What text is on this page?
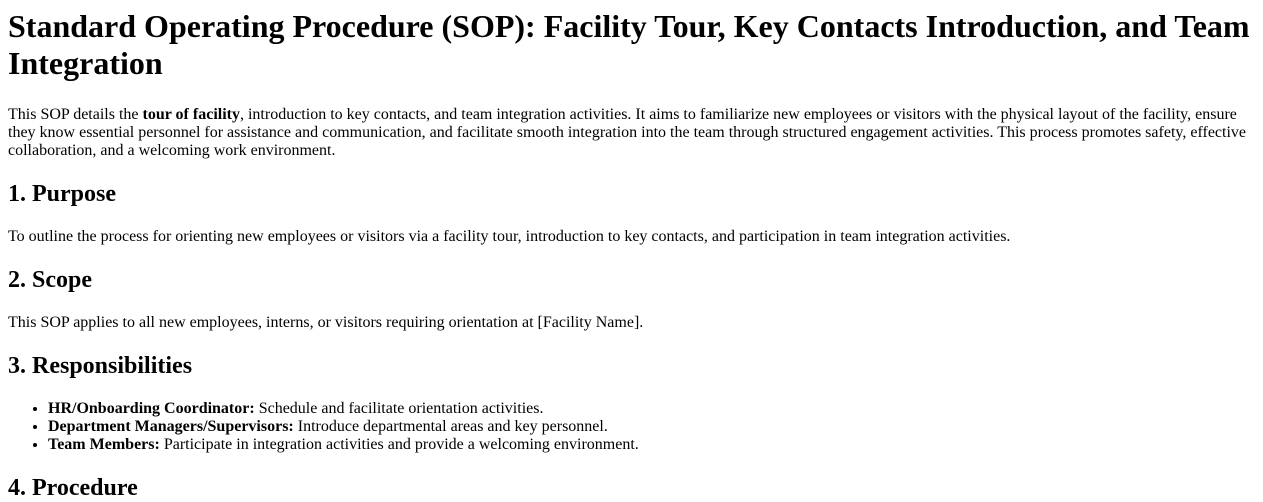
Standard Operating Procedure (SOP): Facility Tour, Key Contacts Introduction, and Team Integration

This SOP details the tour of facility, introduction to key contacts, and team integration activities. It aims to familiarize new employees or visitors with the physical layout of the facility, ensure they know essential personnel for assistance and communication, and facilitate smooth integration into the team through structured engagement activities. This process promotes safety, effective collaboration, and a welcoming work environment.

1. Purpose

To outline the process for orienting new employees or visitors via a facility tour, introduction to key contacts, and participation in team integration activities.

2. Scope

This SOP applies to all new employees, interns, or visitors requiring orientation at [Facility Name].

3. Responsibilities
• HR/Onboarding Coordinator: Schedule and facilitate orientation activities.
• Department Managers/Supervisors: Introduce departmental areas and key personnel.
• Team Members: Participate in integration activities and provide a welcoming environment.
4. Procedure
